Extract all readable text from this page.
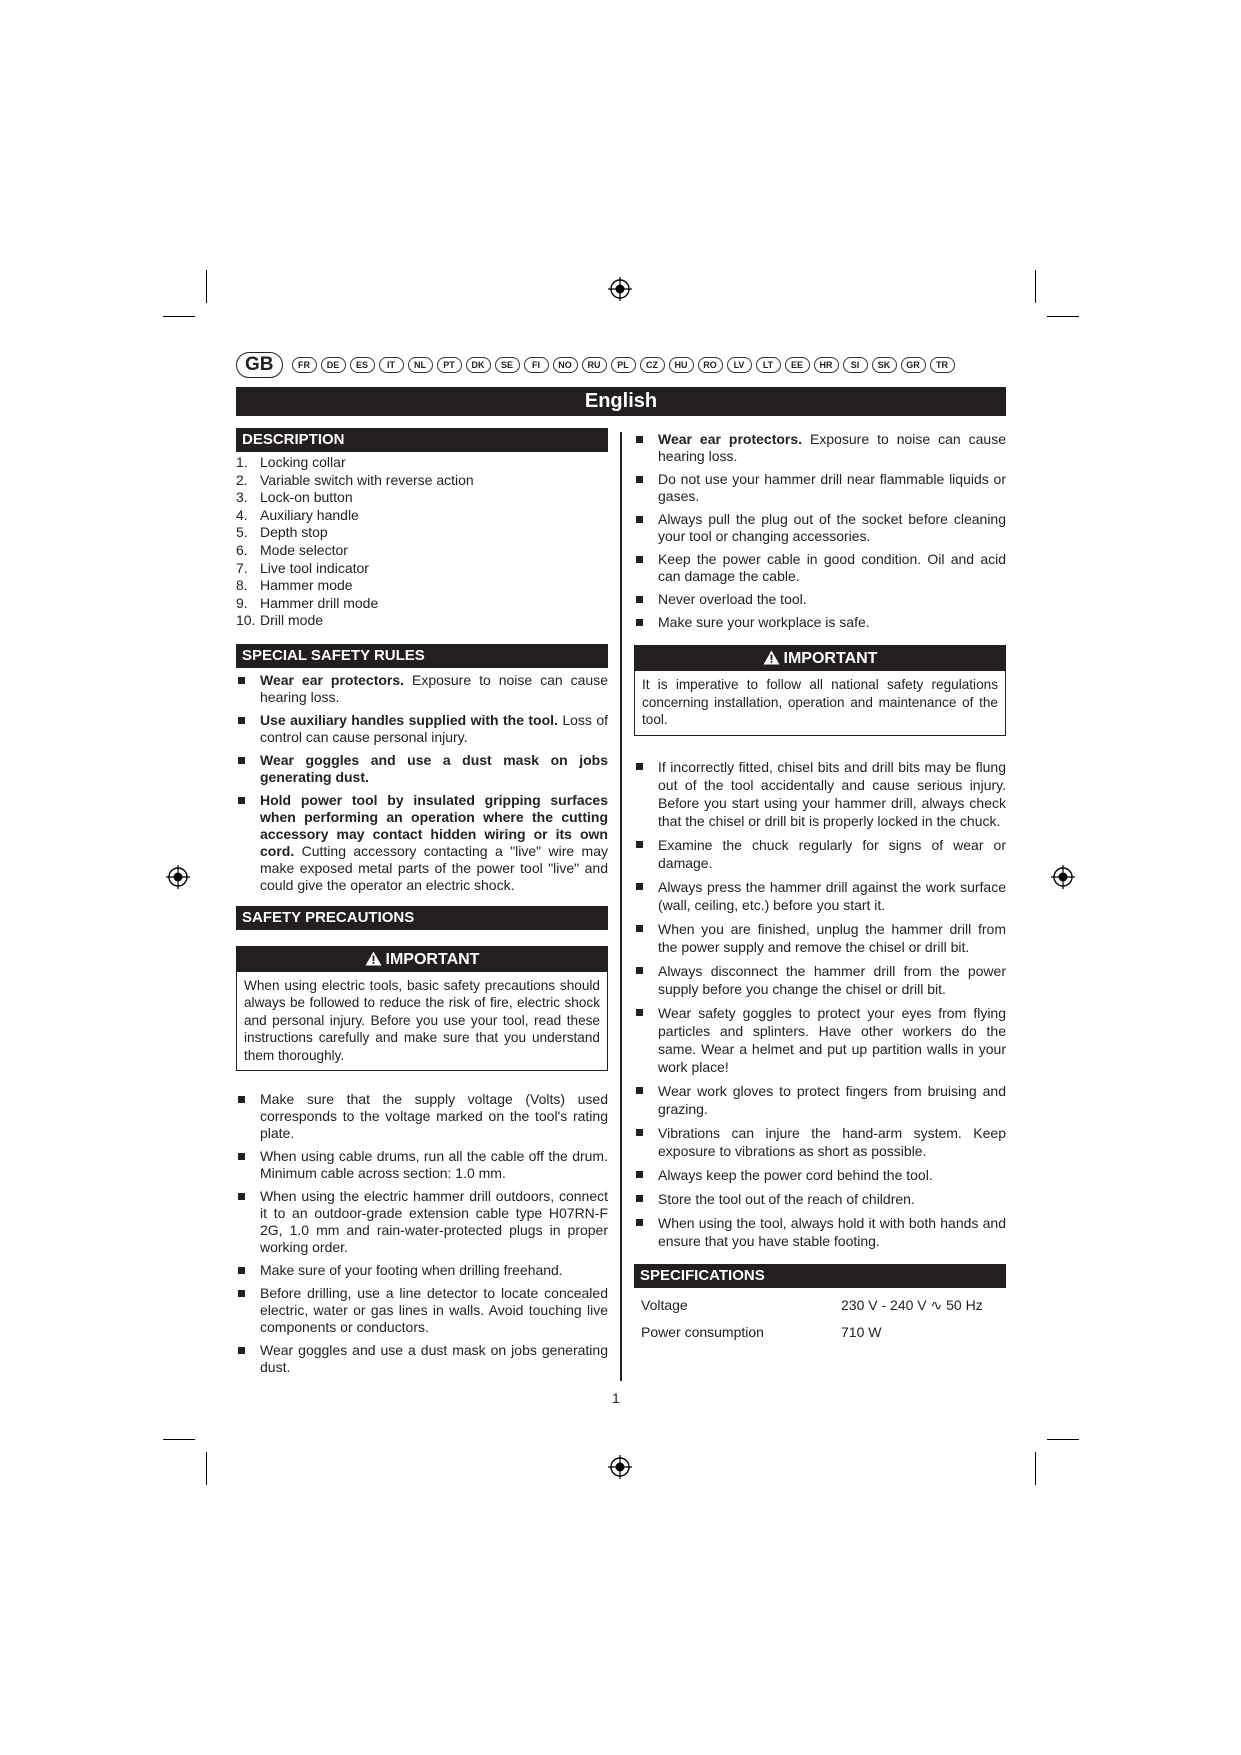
GB	FR	DE	ES	IT	NL	PT	DK	SE	FI	NO	RU	PL	CZ	HU	RO	LV	LT	EE	HR	SI	SK	GR	TR
English
DESCRIPTION
1. Locking collar
2. Variable switch with reverse action
3. Lock-on button
4. Auxiliary handle
5. Depth stop
6. Mode selector
7. Live tool indicator
8. Hammer mode
9. Hammer drill mode
10. Drill mode
SPECIAL SAFETY RULES
Wear ear protectors. Exposure to noise can cause hearing loss.
Use auxiliary handles supplied with the tool. Loss of control can cause personal injury.
Wear goggles and use a dust mask on jobs generating dust.
Hold power tool by insulated gripping surfaces when performing an operation where the cutting accessory may contact hidden wiring or its own cord. Cutting accessory contacting a "live" wire may make exposed metal parts of the power tool "live" and could give the operator an electric shock.
SAFETY PRECAUTIONS
IMPORTANT
When using electric tools, basic safety precautions should always be followed to reduce the risk of fire, electric shock and personal injury. Before you use your tool, read these instructions carefully and make sure that you understand them thoroughly.
Make sure that the supply voltage (Volts) used corresponds to the voltage marked on the tool's rating plate.
When using cable drums, run all the cable off the drum. Minimum cable across section: 1.0 mm.
When using the electric hammer drill outdoors, connect it to an outdoor-grade extension cable type H07RN-F 2G, 1.0 mm and rain-water-protected plugs in proper working order.
Make sure of your footing when drilling freehand.
Before drilling, use a line detector to locate concealed electric, water or gas lines in walls. Avoid touching live components or conductors.
Wear goggles and use a dust mask on jobs generating dust.
Wear ear protectors. Exposure to noise can cause hearing loss.
Do not use your hammer drill near flammable liquids or gases.
Always pull the plug out of the socket before cleaning your tool or changing accessories.
Keep the power cable in good condition. Oil and acid can damage the cable.
Never overload the tool.
Make sure your workplace is safe.
IMPORTANT
It is imperative to follow all national safety regulations concerning installation, operation and maintenance of the tool.
If incorrectly fitted, chisel bits and drill bits may be flung out of the tool accidentally and cause serious injury. Before you start using your hammer drill, always check that the chisel or drill bit is properly locked in the chuck.
Examine the chuck regularly for signs of wear or damage.
Always press the hammer drill against the work surface (wall, ceiling, etc.) before you start it.
When you are finished, unplug the hammer drill from the power supply and remove the chisel or drill bit.
Always disconnect the hammer drill from the power supply before you change the chisel or drill bit.
Wear safety goggles to protect your eyes from flying particles and splinters. Have other workers do the same. Wear a helmet and put up partition walls in your work place!
Wear work gloves to protect fingers from bruising and grazing.
Vibrations can injure the hand-arm system. Keep exposure to vibrations as short as possible.
Always keep the power cord behind the tool.
Store the tool out of the reach of children.
When using the tool, always hold it with both hands and ensure that you have stable footing.
SPECIFICATIONS
Voltage	230 V - 240 V ∿ 50 Hz
Power consumption	710 W
1
